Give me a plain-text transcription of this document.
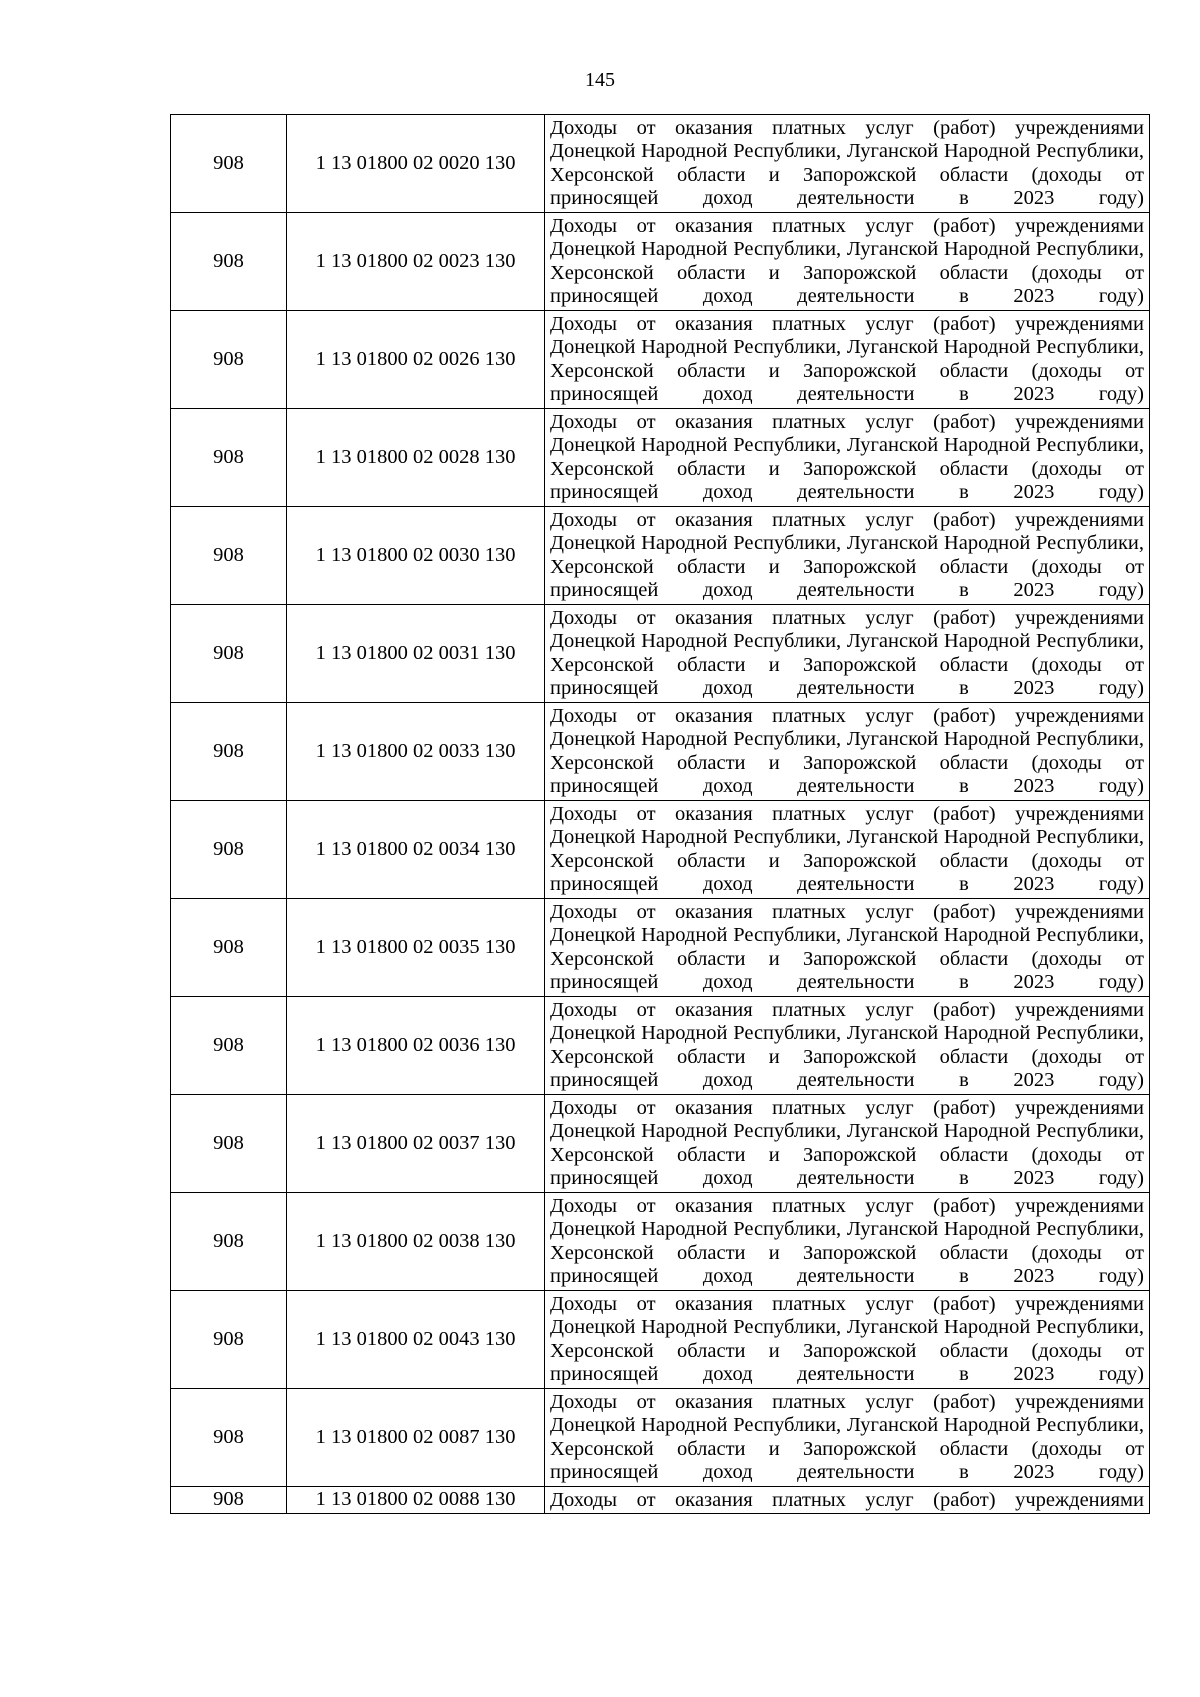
145
908	1 13 01800 02 0020 130	Доходы от оказания платных услуг (работ) учреждениями Донецкой Народной Республики, Луганской Народной Республики, Херсонской области и Запорожской области (доходы от приносящей доход деятельности в 2023 году)
908	1 13 01800 02 0023 130	Доходы от оказания платных услуг (работ) учреждениями Донецкой Народной Республики, Луганской Народной Республики, Херсонской области и Запорожской области (доходы от приносящей доход деятельности в 2023 году)
908	1 13 01800 02 0026 130	Доходы от оказания платных услуг (работ) учреждениями Донецкой Народной Республики, Луганской Народной Республики, Херсонской области и Запорожской области (доходы от приносящей доход деятельности в 2023 году)
908	1 13 01800 02 0028 130	Доходы от оказания платных услуг (работ) учреждениями Донецкой Народной Республики, Луганской Народной Республики, Херсонской области и Запорожской области (доходы от приносящей доход деятельности в 2023 году)
908	1 13 01800 02 0030 130	Доходы от оказания платных услуг (работ) учреждениями Донецкой Народной Республики, Луганской Народной Республики, Херсонской области и Запорожской области (доходы от приносящей доход деятельности в 2023 году)
908	1 13 01800 02 0031 130	Доходы от оказания платных услуг (работ) учреждениями Донецкой Народной Республики, Луганской Народной Республики, Херсонской области и Запорожской области (доходы от приносящей доход деятельности в 2023 году)
908	1 13 01800 02 0033 130	Доходы от оказания платных услуг (работ) учреждениями Донецкой Народной Республики, Луганской Народной Республики, Херсонской области и Запорожской области (доходы от приносящей доход деятельности в 2023 году)
908	1 13 01800 02 0034 130	Доходы от оказания платных услуг (работ) учреждениями Донецкой Народной Республики, Луганской Народной Республики, Херсонской области и Запорожской области (доходы от приносящей доход деятельности в 2023 году)
908	1 13 01800 02 0035 130	Доходы от оказания платных услуг (работ) учреждениями Донецкой Народной Республики, Луганской Народной Республики, Херсонской области и Запорожской области (доходы от приносящей доход деятельности в 2023 году)
908	1 13 01800 02 0036 130	Доходы от оказания платных услуг (работ) учреждениями Донецкой Народной Республики, Луганской Народной Республики, Херсонской области и Запорожской области (доходы от приносящей доход деятельности в 2023 году)
908	1 13 01800 02 0037 130	Доходы от оказания платных услуг (работ) учреждениями Донецкой Народной Республики, Луганской Народной Республики, Херсонской области и Запорожской области (доходы от приносящей доход деятельности в 2023 году)
908	1 13 01800 02 0038 130	Доходы от оказания платных услуг (работ) учреждениями Донецкой Народной Республики, Луганской Народной Республики, Херсонской области и Запорожской области (доходы от приносящей доход деятельности в 2023 году)
908	1 13 01800 02 0043 130	Доходы от оказания платных услуг (работ) учреждениями Донецкой Народной Республики, Луганской Народной Республики, Херсонской области и Запорожской области (доходы от приносящей доход деятельности в 2023 году)
908	1 13 01800 02 0087 130	Доходы от оказания платных услуг (работ) учреждениями Донецкой Народной Республики, Луганской Народной Республики, Херсонской области и Запорожской области (доходы от приносящей доход деятельности в 2023 году)
908	1 13 01800 02 0088 130	Доходы от оказания платных услуг (работ) учреждениями
